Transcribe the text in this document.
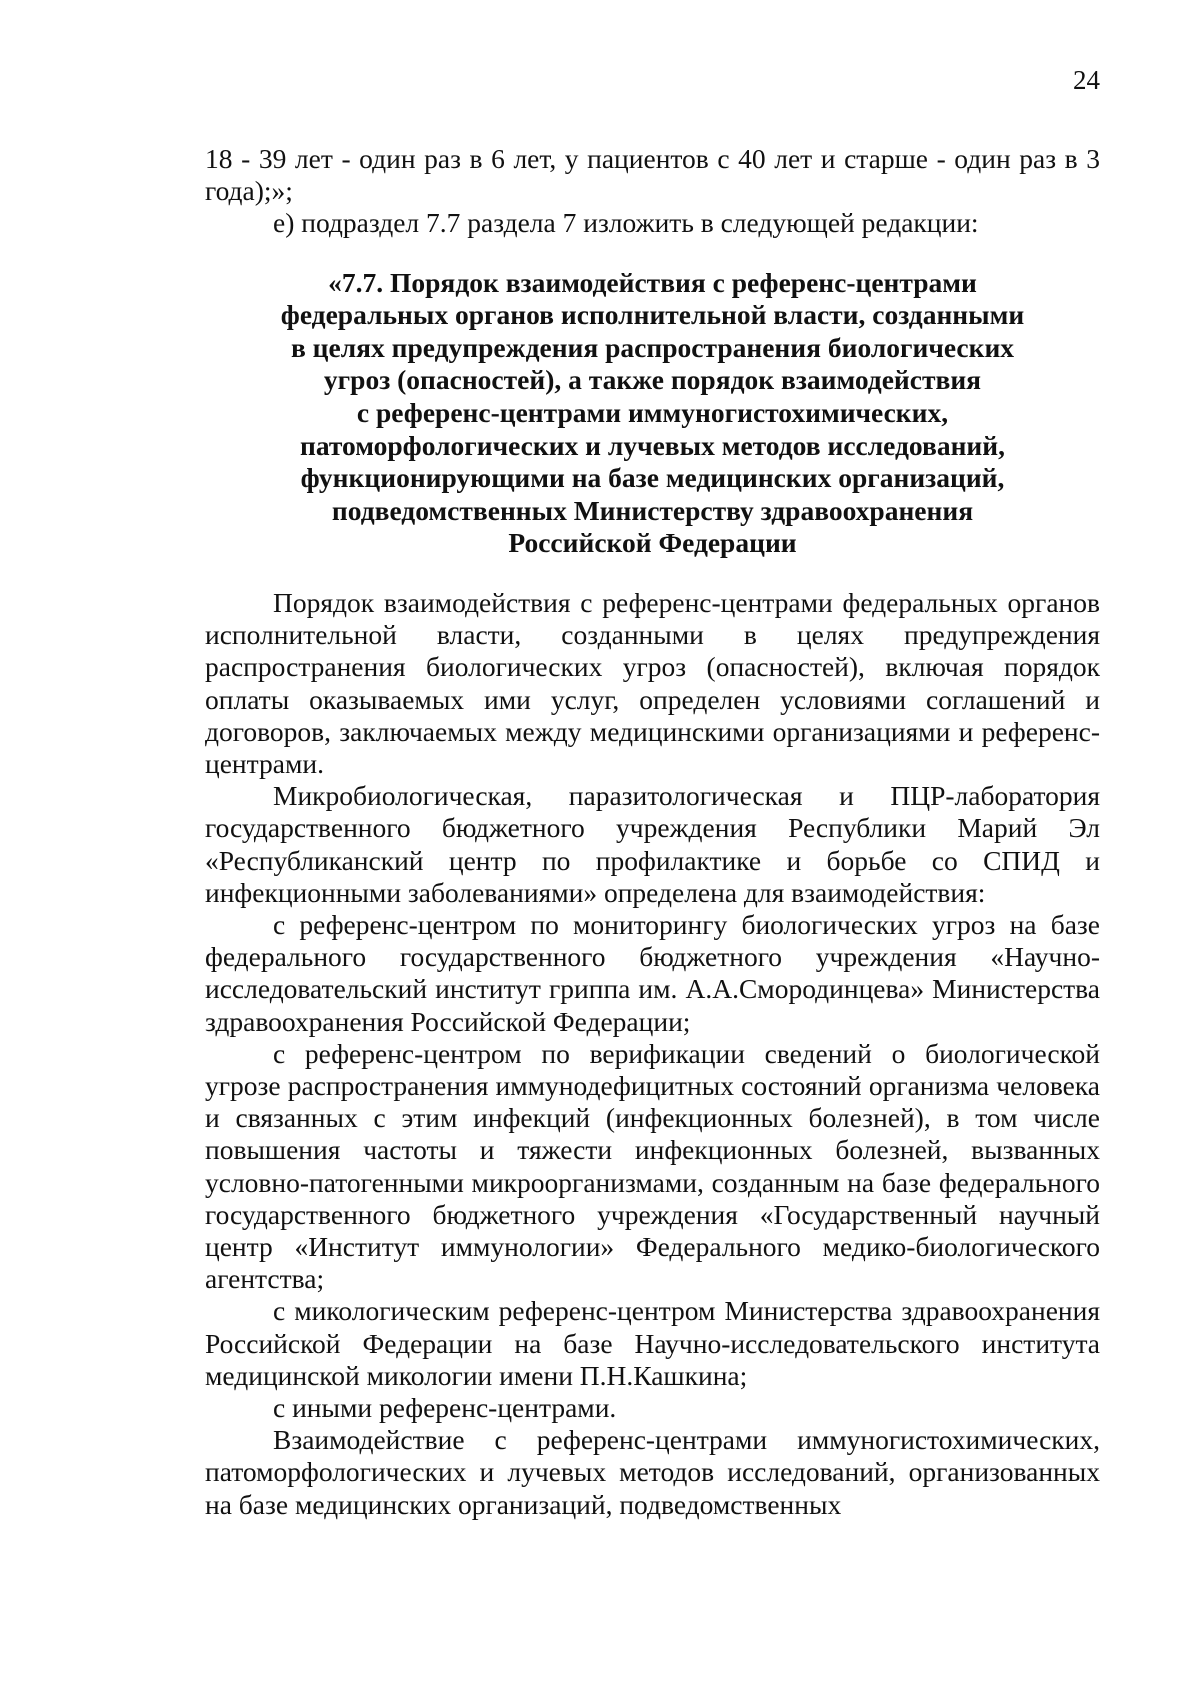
24

18 - 39 лет - один раз в 6 лет, у пациентов с 40 лет и старше - один раз в 3 года);»;

е) подраздел 7.7 раздела 7 изложить в следующей редакции:

«7.7. Порядок взаимодействия с референс-центрами
федеральных органов исполнительной власти, созданными
в целях предупреждения распространения биологических
угроз (опасностей), а также порядок взаимодействия
с референс-центрами иммуногистохимических,
патоморфологических и лучевых методов исследований,
функционирующими на базе медицинских организаций,
подведомственных Министерству здравоохранения
Российской Федерации

Порядок взаимодействия с референс-центрами федеральных органов исполнительной власти, созданными в целях предупреждения распространения биологических угроз (опасностей), включая порядок оплаты оказываемых ими услуг, определен условиями соглашений и договоров, заключаемых между медицинскими организациями и референс-центрами.

Микробиологическая, паразитологическая и ПЦР-лаборатория государственного бюджетного учреждения Республики Марий Эл «Республиканский центр по профилактике и борьбе со СПИД и инфекционными заболеваниями» определена для взаимодействия:

с референс-центром по мониторингу биологических угроз на базе федерального государственного бюджетного учреждения «Научно-исследовательский институт гриппа им. А.А.Смородинцева» Министерства здравоохранения Российской Федерации;

с референс-центром по верификации сведений о биологической угрозе распространения иммунодефицитных состояний организма человека и связанных с этим инфекций (инфекционных болезней), в том числе повышения частоты и тяжести инфекционных болезней, вызванных условно-патогенными микроорганизмами, созданным на базе федерального государственного бюджетного учреждения «Государственный научный центр «Институт иммунологии» Федерального медико-биологического агентства;

с микологическим референс-центром Министерства здравоохранения Российской Федерации на базе Научно-исследовательского института медицинской микологии имени П.Н.Кашкина;

с иными референс-центрами.

Взаимодействие с референс-центрами иммуногистохимических, патоморфологических и лучевых методов исследований, организованных на базе медицинских организаций, подведомственных
